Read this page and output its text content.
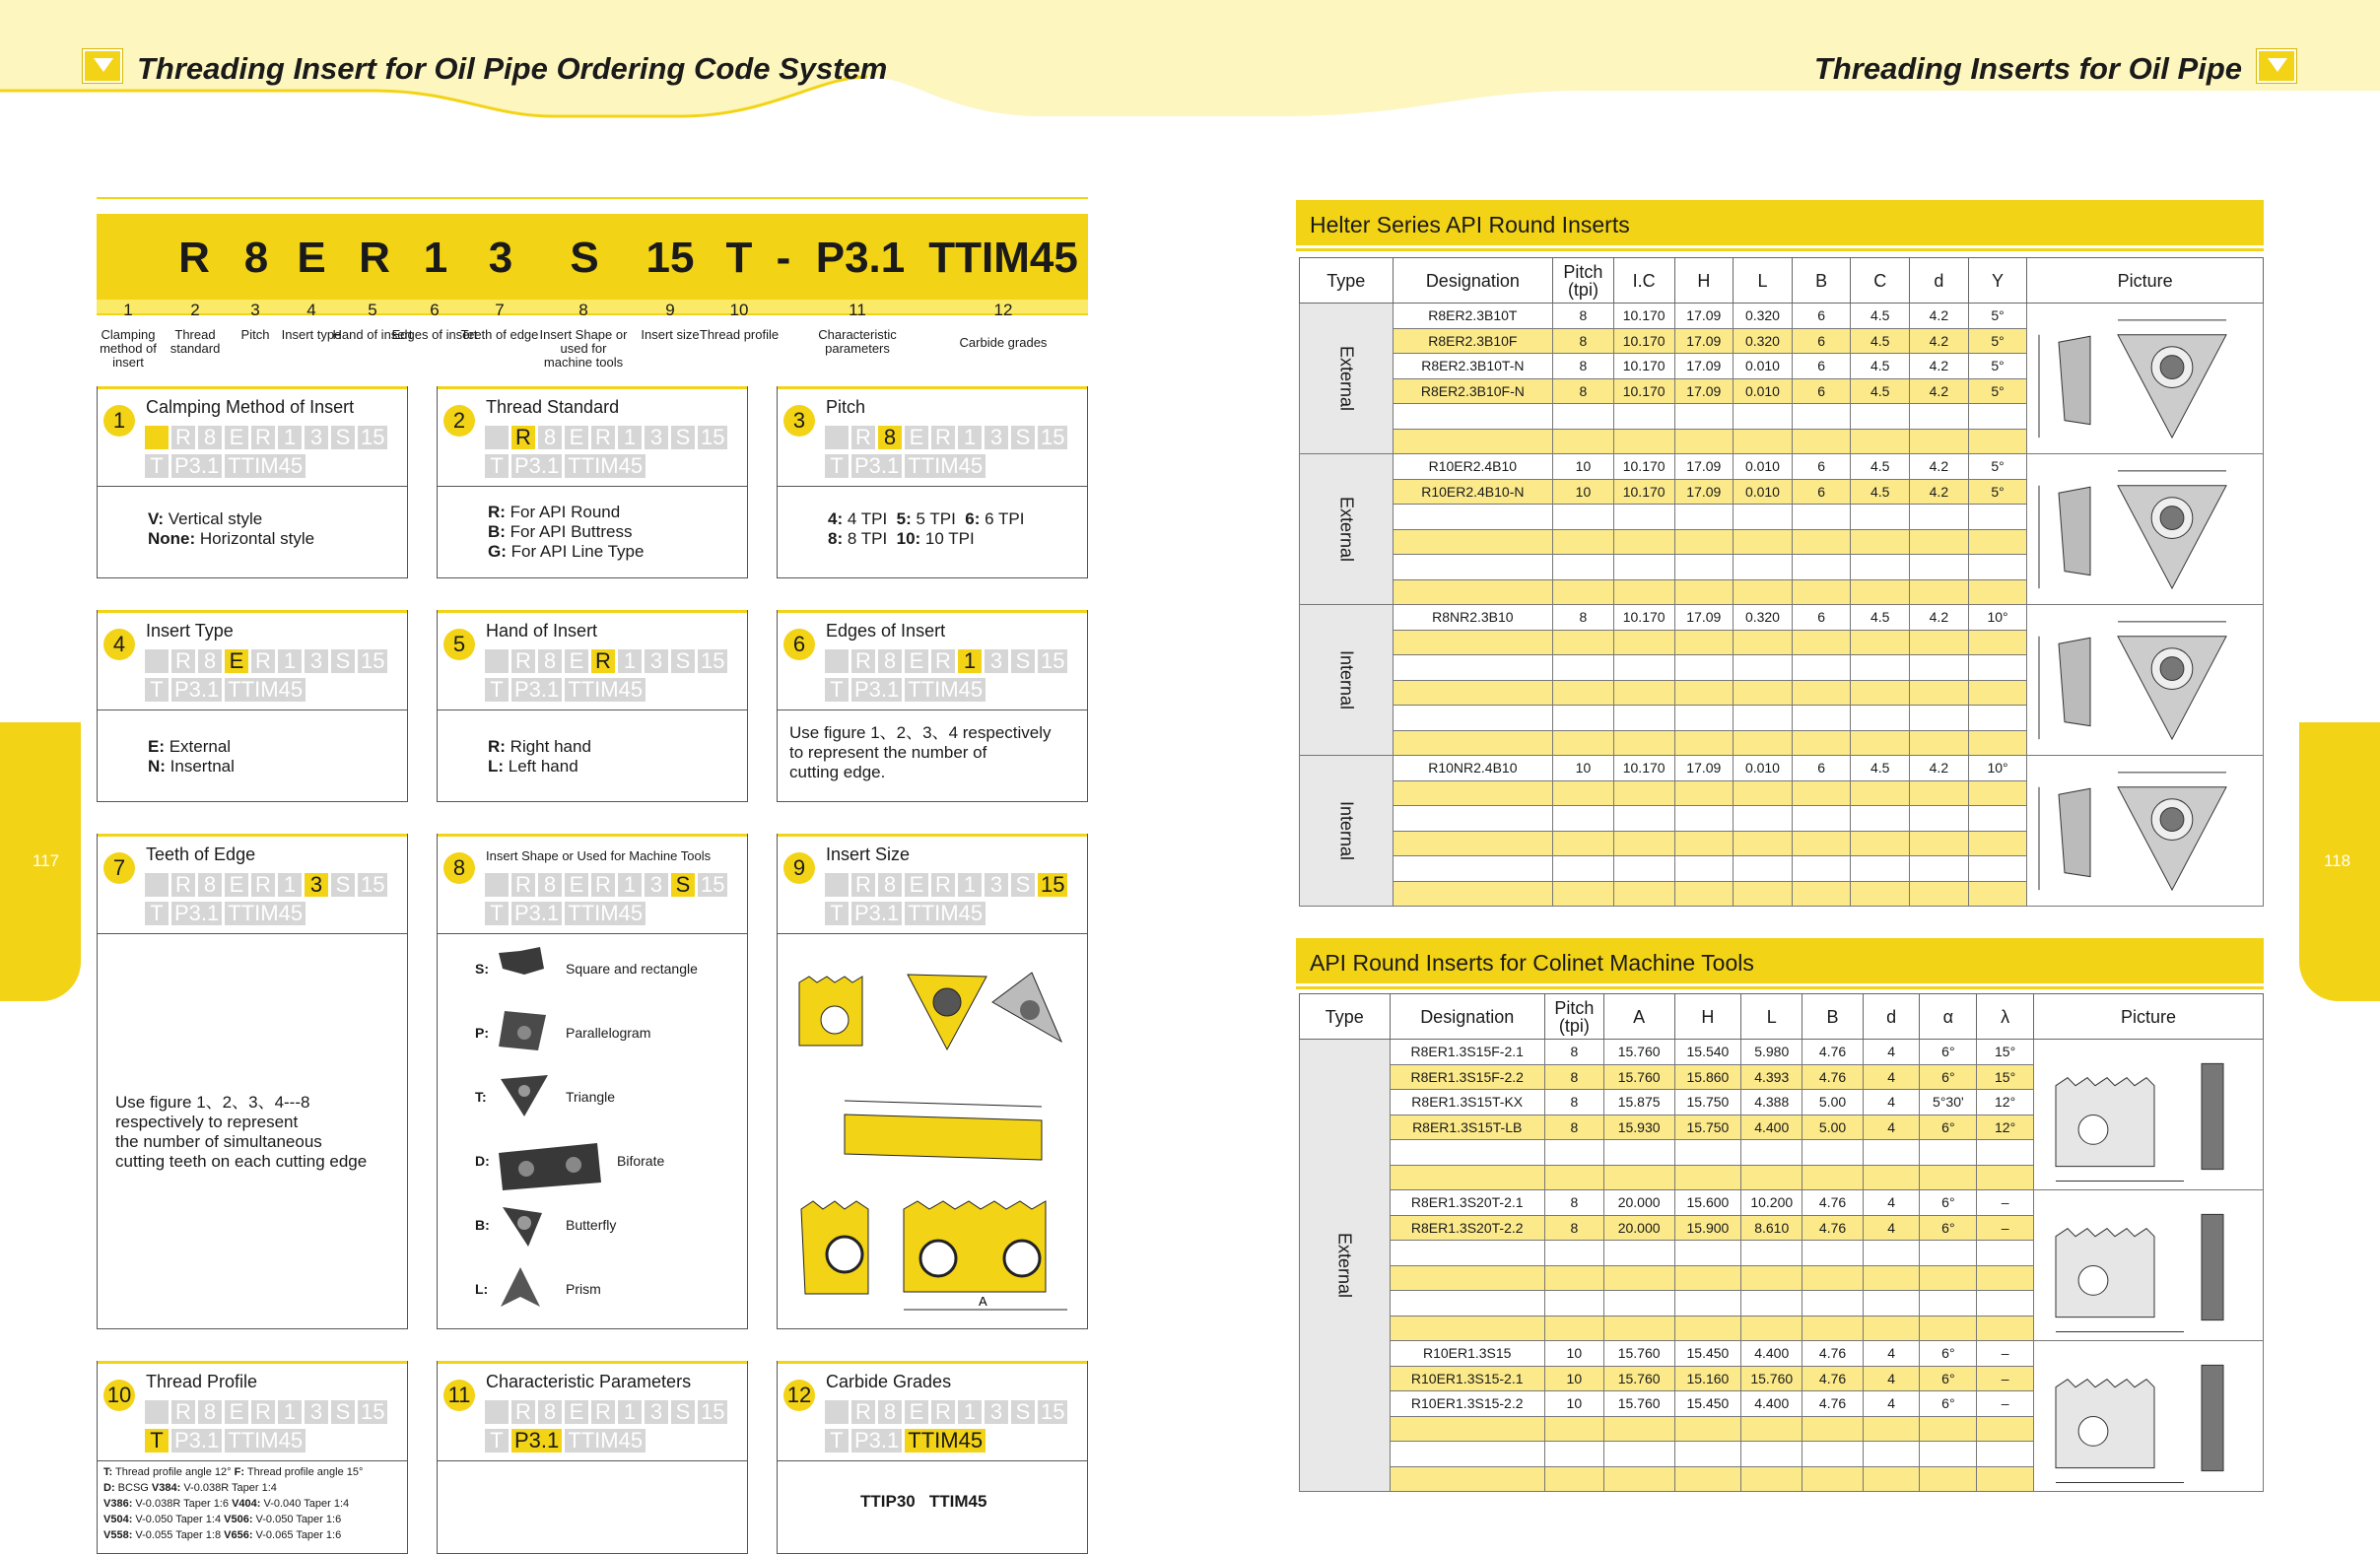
Threading Insert for Oil Pipe Ordering Code System	Threading Inserts for Oil Pipe
117	118
R 8 E R 1 3 S 15 T - P3.1 TTIM45
1
Clamping method of insert
2
Thread standard
3
Pitch
4
Insert type
5
Hand of insert
6
Edges of insert
7
Teeth of edge
8
Insert Shape or used for machine tools
9
Insert size
10
Thread profile
11
Characteristic parameters
12
Carbide grades
1
Calmping Method of Insert
R 8 E R 1 3 S 15
T P3.1 TTIM45
V: Vertical style
None: Horizontal style
2
Thread Standard
R 8 E R 1 3 S 15
T P3.1 TTIM45
R: For API Round
B: For API Buttress
G: For API Line Type
3
Pitch
R 8 E R 1 3 S 15
T P3.1 TTIM45
4: 4 TPI  5: 5 TPI  6: 6 TPI
8: 8 TPI  10: 10 TPI
4
Insert Type
R 8 E R 1 3 S 15
T P3.1 TTIM45
E: External
N: Insertnal
5
Hand of Insert
R 8 E R 1 3 S 15
T P3.1 TTIM45
R: Right hand
L: Left hand
6
Edges of Insert
R 8 E R 1 3 S 15
T P3.1 TTIM45
Use figure 1、2、3、4 respectively
to represent the number of
cutting edge.
7
Teeth of Edge
R 8 E R 1 3 S 15
T P3.1 TTIM45
Use figure 1、2、3、4---8
respectively to represent
the number of simultaneous
cutting teeth on each cutting edge
8	Insert Shape or Used for Machine Tools
R 8 E R 1 3 S 15
T P3.1 TTIM45
S:	Square and rectangle
P:	Parallelogram
T:	Triangle
D:	Biforate
B:	Butterfly
L:	Prism
9
Insert Size
R 8 E R 1 3 S 15
T P3.1 TTIM45
A
10
Thread Profile
R 8 E R 1 3 S 15
T P3.1 TTIM45
T: Thread profile angle 12° F: Thread profile angle 15°
D: BCSG V384: V-0.038R Taper 1:4
V386: V-0.038R Taper 1:6 V404: V-0.040 Taper 1:4
V504: V-0.050 Taper 1:4 V506: V-0.050 Taper 1:6
V558: V-0.055 Taper 1:8 V656: V-0.065 Taper 1:6
11
Characteristic Parameters
R 8 E R 1 3 S 15
T P3.1 TTIM45
12
Carbide Grades
R 8 E R 1 3 S 15
T P3.1 TTIM45
TTIP30   TTIM45
Helter Series API Round Inserts
Type	Designation	Pitch
(tpi)	I.C	H	L	B	C	d	Y	Picture

External	R8ER2.3B10T	8	10.170	17.09	0.320	6	4.5	4.2	5°	

	R8ER2.3B10F	8	10.170	17.09	0.320	6	4.5	4.2	5°	
	R8ER2.3B10T-N	8	10.170	17.09	0.010	6	4.5	4.2	5°	
	R8ER2.3B10F-N	8	10.170	17.09	0.010	6	4.5	4.2	5°	

External	R10ER2.4B10	10	10.170	17.09	0.010	6	4.5	4.2	5°	

	R10ER2.4B10-N	10	10.170	17.09	0.010	6	4.5	4.2	5°	

Internal	R8NR2.3B10	8	10.170	17.09	0.320	6	4.5	4.2	10°	

Internal	R10NR2.4B10	10	10.170	17.09	0.010	6	4.5	4.2	10°	

API Round Inserts for Colinet Machine Tools
Type	Designation	Pitch
(tpi)	A	H	L	B	d	α	λ	Picture

External	R8ER1.3S15F-2.1	8	15.760	15.540	5.980	4.76	4	6°	15°	

	R8ER1.3S15F-2.2	8	15.760	15.860	4.393	4.76	4	6°	15°	
	R8ER1.3S15T-KX	8	15.875	15.750	4.388	5.00	4	5°30'	12°	
	R8ER1.3S15T-LB	8	15.930	15.750	4.400	5.00	4	6°	12°	

	R8ER1.3S20T-2.1	8	20.000	15.600	10.200	4.76	4	6°	–	

	R8ER1.3S20T-2.2	8	20.000	15.900	8.610	4.76	4	6°	–	

	R10ER1.3S15	10	15.760	15.450	4.400	4.76	4	6°	–	

	R10ER1.3S15-2.1	10	15.760	15.160	15.760	4.76	4	6°	–	
	R10ER1.3S15-2.2	10	15.760	15.450	4.400	4.76	4	6°	–	
